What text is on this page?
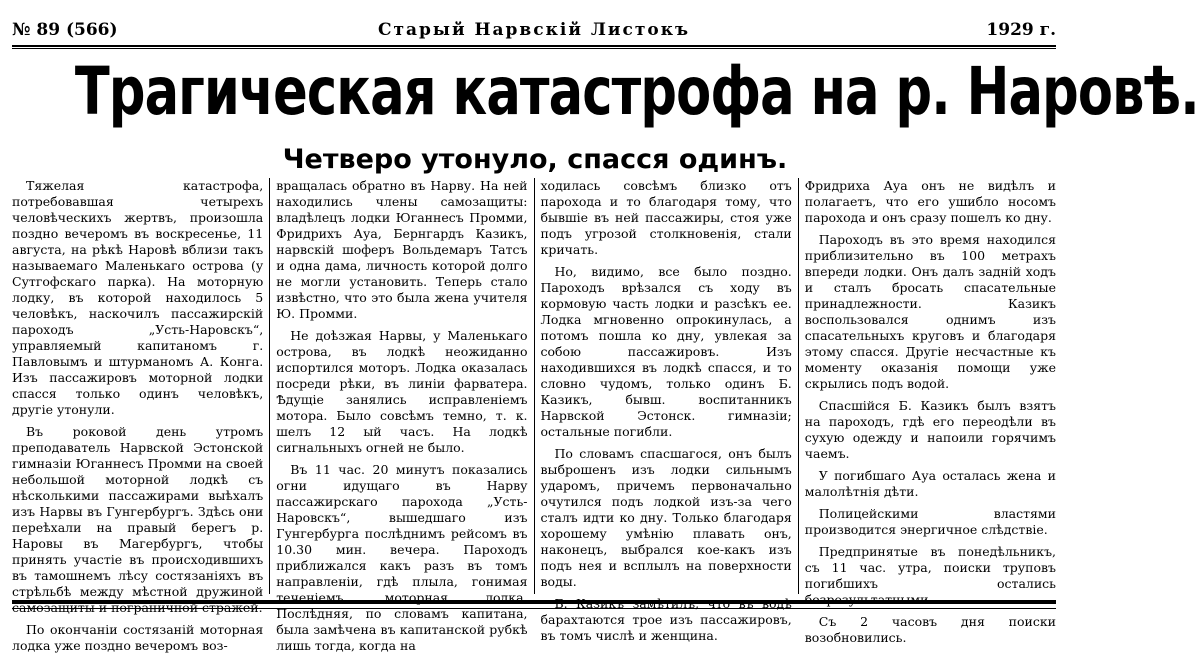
№ 89 (566)	Старый Нарвскій Листокъ	1929 г.
Трагическая катастрофа на р. Наровѣ.
Четверо утонуло, спасся одинъ.

Тяжелая катастрофа, потребовавшая четырехъ человѣческихъ жертвъ, произошла поздно вечеромъ въ воскресенье, 11 августа, на рѣкѣ Наровѣ вблизи такъ называемаго Маленькаго острова (у Сутгофскаго парка). На моторную лодку, въ которой находилось 5 человѣкъ, наскочилъ пассажирскій пароходъ „Усть-Наровскъ“, управляемый капитаномъ г. Павловымъ и штурманомъ А. Конга. Изъ пассажировъ моторной лодки спасся только одинъ человѣкъ, другіе утонули.

Въ роковой день утромъ преподаватель Нарвской Эстонской гимназіи Юганнесъ Промми на своей небольшой моторной лодкѣ съ нѣсколькими пассажирами выѣхалъ изъ Нарвы въ Гунгербургъ. Здѣсь они переѣхали на правый берегъ р. Наровы въ Магербургъ, чтобы принять участіе въ происходившихъ въ тамошнемъ лѣсу состязаніяхъ въ стрѣльбѣ между мѣстной дружиной самозащиты и пограничной стражей.

По окончаніи состязаній моторная лодка уже поздно вечеромъ воз-

вращалась обратно въ Нарву. На ней находились члены самозащиты: владѣлецъ лодки Юганнесъ Промми, Фридрихъ Ауа, Бернгардъ Казикъ, нарвскій шоферъ Вольдемаръ Татсъ и одна дама, личность которой долго не могли установить. Теперь стало извѣстно, что это была жена учителя Ю. Промми.

Не доѣзжая Нарвы, у Маленькаго острова, въ лодкѣ неожиданно испортился моторъ. Лодка оказалась посреди рѣки, въ линіи фарватера. Ѣдущіе занялись исправленіемъ мотора. Было совсѣмъ темно, т. к. шелъ 12 ый часъ. На лодкѣ сигнальныхъ огней не было.

Въ 11 час. 20 минутъ показались огни идущаго въ Нарву пассажирскаго парохода „Усть-Наровскъ“, вышедшаго изъ Гунгербурга послѣднимъ рейсомъ въ 10.30 мин. вечера. Пароходъ приближался какъ разъ въ томъ направленіи, гдѣ плыла, гонимая теченіемъ, моторная лодка. Послѣдняя, по словамъ капитана, была замѣчена въ капитанской рубкѣ лишь тогда, когда на

ходилась совсѣмъ близко отъ парохода и то благодаря тому, что бывшіе въ ней пассажиры, стоя уже подъ угрозой столкновенія, стали кричать.

Но, видимо, все было поздно. Пароходъ врѣзался съ ходу въ кормовую часть лодки и разсѣкъ ее. Лодка мгновенно опрокинулась, а потомъ пошла ко дну, увлекая за собою пассажировъ. Изъ находившихся въ лодкѣ спасся, и то словно чудомъ, только одинъ Б. Казикъ, бывш. воспитанникъ Нарвской Эстонск. гимназіи; остальные погибли.

По словамъ спасшагося, онъ былъ выброшенъ изъ лодки сильнымъ ударомъ, причемъ первоначально очутился подъ лодкой изъ-за чего сталъ идти ко дну. Только благодаря хорошему умѣнію плавать онъ, наконецъ, выбрался кое-какъ изъ подъ нея и всплылъ на поверхности воды.

Б. Казикъ замѣтилъ, что въ водѣ барахтаются трое изъ пассажировъ, въ томъ числѣ и женщина.

Фридриха Ауа онъ не видѣлъ и полагаетъ, что его ушибло носомъ парохода и онъ сразу пошелъ ко дну.

Пароходъ въ это время находился приблизительно въ 100 метрахъ впереди лодки. Онъ далъ заднiй ходъ и сталъ бросать спасательные принадлежности. Казикъ воспользовался однимъ изъ спасательныхъ круговъ и благодаря этому спасся. Другіе несчастные къ моменту оказанія помощи уже скрылись подъ водой.

Спасшійся Б. Казикъ былъ взятъ на пароходъ, гдѣ его переодѣли въ сухую одежду и напоили горячимъ чаемъ.

У погибшаго Ауа осталась жена и малолѣтнія дѣти.

Полицейскими властями производится энергичное слѣдствіе.

Предпринятые въ понедѣльникъ, съ 11 час. утра, поиски труповъ погибшихъ остались безрезультатными.

Съ 2 часовъ дня поиски возобновились.
